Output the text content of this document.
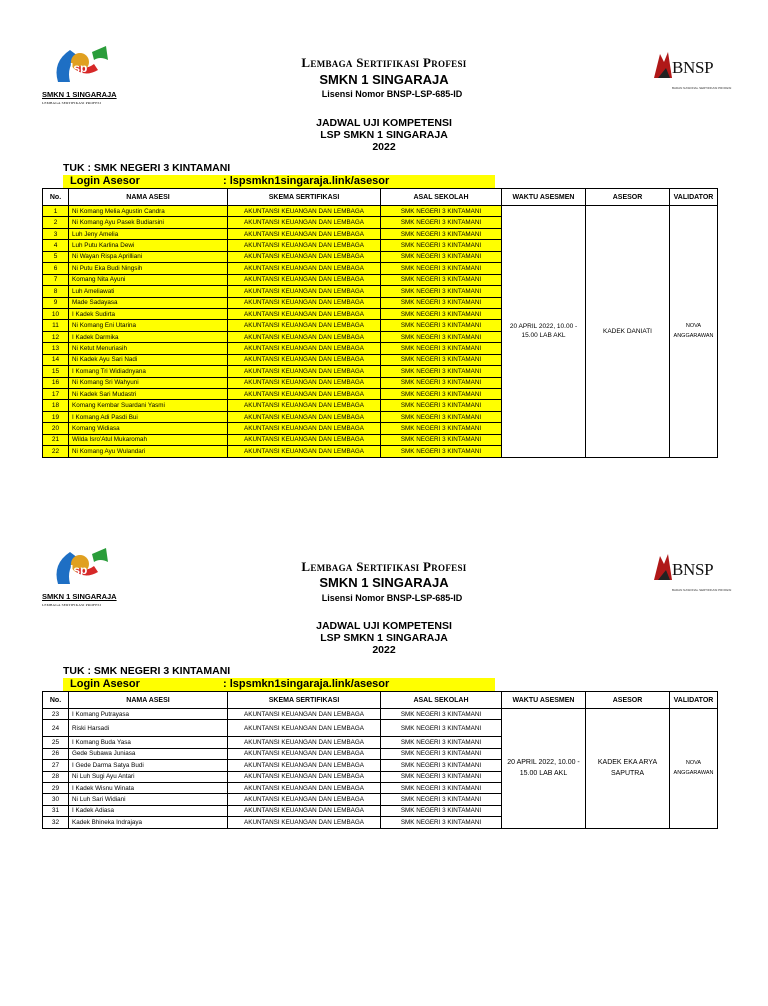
lsp
SMKN 1 SINGARAJA
LEMBAGA SERTIFIKASI PROFESI
Lembaga Sertifikasi Profesi
SMKN 1 SINGARAJA
Lisensi Nomor BNSP-LSP-685-ID
BNSP
BADAN NASIONAL SERTIFIKASI PROFESI
JADWAL UJI KOMPETENSI
LSP SMKN 1 SINGARAJA
2022
TUK : SMK NEGERI 3 KINTAMANI
Login Asesor	: lspsmkn1singaraja.link/asesor
No.	NAMA ASESI	SKEMA SERTIFIKASI	ASAL SEKOLAH	WAKTU ASESMEN	ASESOR	VALIDATOR
1	Ni Komang Melia Agustin Candra	AKUNTANSI KEUANGAN DAN LEMBAGA	SMK NEGERI 3 KINTAMANI	20 APRIL 2022, 10.00 - 15.00 LAB AKL	KADEK DANIATI	NOVA ANGGARAWAN
2	Ni Komang Ayu Pasek Budiarsini	AKUNTANSI KEUANGAN DAN LEMBAGA	SMK NEGERI 3 KINTAMANI			
3	Luh Jeny Amelia	AKUNTANSI KEUANGAN DAN LEMBAGA	SMK NEGERI 3 KINTAMANI			
4	Luh Putu Karlina Dewi	AKUNTANSI KEUANGAN DAN LEMBAGA	SMK NEGERI 3 KINTAMANI			
5	Ni Wayan Rispa Aprilliani	AKUNTANSI KEUANGAN DAN LEMBAGA	SMK NEGERI 3 KINTAMANI			
6	Ni Putu Eka Budi Ningsih	AKUNTANSI KEUANGAN DAN LEMBAGA	SMK NEGERI 3 KINTAMANI			
7	Komang Nita Ayuni	AKUNTANSI KEUANGAN DAN LEMBAGA	SMK NEGERI 3 KINTAMANI			
8	Luh Ameliawati	AKUNTANSI KEUANGAN DAN LEMBAGA	SMK NEGERI 3 KINTAMANI			
9	Made Sadayasa	AKUNTANSI KEUANGAN DAN LEMBAGA	SMK NEGERI 3 KINTAMANI			
10	I Kadek Sudirta	AKUNTANSI KEUANGAN DAN LEMBAGA	SMK NEGERI 3 KINTAMANI			
11	Ni Komang Eni Utarina	AKUNTANSI KEUANGAN DAN LEMBAGA	SMK NEGERI 3 KINTAMANI			
12	I Kadek Darmika	AKUNTANSI KEUANGAN DAN LEMBAGA	SMK NEGERI 3 KINTAMANI			
13	Ni Ketut Menuriasih	AKUNTANSI KEUANGAN DAN LEMBAGA	SMK NEGERI 3 KINTAMANI			
14	Ni Kadek Ayu Sari Nadi	AKUNTANSI KEUANGAN DAN LEMBAGA	SMK NEGERI 3 KINTAMANI			
15	I Komang Tri Widiadnyana	AKUNTANSI KEUANGAN DAN LEMBAGA	SMK NEGERI 3 KINTAMANI			
16	Ni Komang Sri Wahyuni	AKUNTANSI KEUANGAN DAN LEMBAGA	SMK NEGERI 3 KINTAMANI			
17	Ni Kadek Sari Mudastri	AKUNTANSI KEUANGAN DAN LEMBAGA	SMK NEGERI 3 KINTAMANI			
18	Komang Kembar Suardani Yasmi	AKUNTANSI KEUANGAN DAN LEMBAGA	SMK NEGERI 3 KINTAMANI			
19	I Komang Adi Pasdi Bui	AKUNTANSI KEUANGAN DAN LEMBAGA	SMK NEGERI 3 KINTAMANI			
20	Komang Widiasa	AKUNTANSI KEUANGAN DAN LEMBAGA	SMK NEGERI 3 KINTAMANI			
21	Wilda Isro'Atul Mukaromah	AKUNTANSI KEUANGAN DAN LEMBAGA	SMK NEGERI 3 KINTAMANI			
22	Ni Komang Ayu Wulandari	AKUNTANSI KEUANGAN DAN LEMBAGA	SMK NEGERI 3 KINTAMANI			
lsp
SMKN 1 SINGARAJA
LEMBAGA SERTIFIKASI PROFESI
Lembaga Sertifikasi Profesi
SMKN 1 SINGARAJA
Lisensi Nomor BNSP-LSP-685-ID
BNSP
BADAN NASIONAL SERTIFIKASI PROFESI
JADWAL UJI KOMPETENSI
LSP SMKN 1 SINGARAJA
2022
TUK : SMK NEGERI 3 KINTAMANI
Login Asesor	: lspsmkn1singaraja.link/asesor
No.	NAMA ASESI	SKEMA SERTIFIKASI	ASAL SEKOLAH	WAKTU ASESMEN	ASESOR	VALIDATOR
23	I Komang Putrayasa	AKUNTANSI KEUANGAN DAN LEMBAGA	SMK NEGERI 3 KINTAMANI	20 APRIL 2022, 10.00 - 15.00 LAB AKL	KADEK EKA ARYA SAPUTRA	NOVA ANGGARAWAN
24	Riski Harsadi	AKUNTANSI KEUANGAN DAN LEMBAGA	SMK NEGERI 3 KINTAMANI			
25	I Komang Buda Yasa	AKUNTANSI KEUANGAN DAN LEMBAGA	SMK NEGERI 3 KINTAMANI			
26	Gede Subawa Juniasa	AKUNTANSI KEUANGAN DAN LEMBAGA	SMK NEGERI 3 KINTAMANI			
27	I Gede Darma Satya Budi	AKUNTANSI KEUANGAN DAN LEMBAGA	SMK NEGERI 3 KINTAMANI			
28	Ni Luh Sugi Ayu Antari	AKUNTANSI KEUANGAN DAN LEMBAGA	SMK NEGERI 3 KINTAMANI			
29	I Kadek Wisnu Winata	AKUNTANSI KEUANGAN DAN LEMBAGA	SMK NEGERI 3 KINTAMANI			
30	Ni Luh Sari Widiani	AKUNTANSI KEUANGAN DAN LEMBAGA	SMK NEGERI 3 KINTAMANI			
31	I Kadek Adiasa	AKUNTANSI KEUANGAN DAN LEMBAGA	SMK NEGERI 3 KINTAMANI			
32	Kadek Bhineka Indrajaya	AKUNTANSI KEUANGAN DAN LEMBAGA	SMK NEGERI 3 KINTAMANI			
